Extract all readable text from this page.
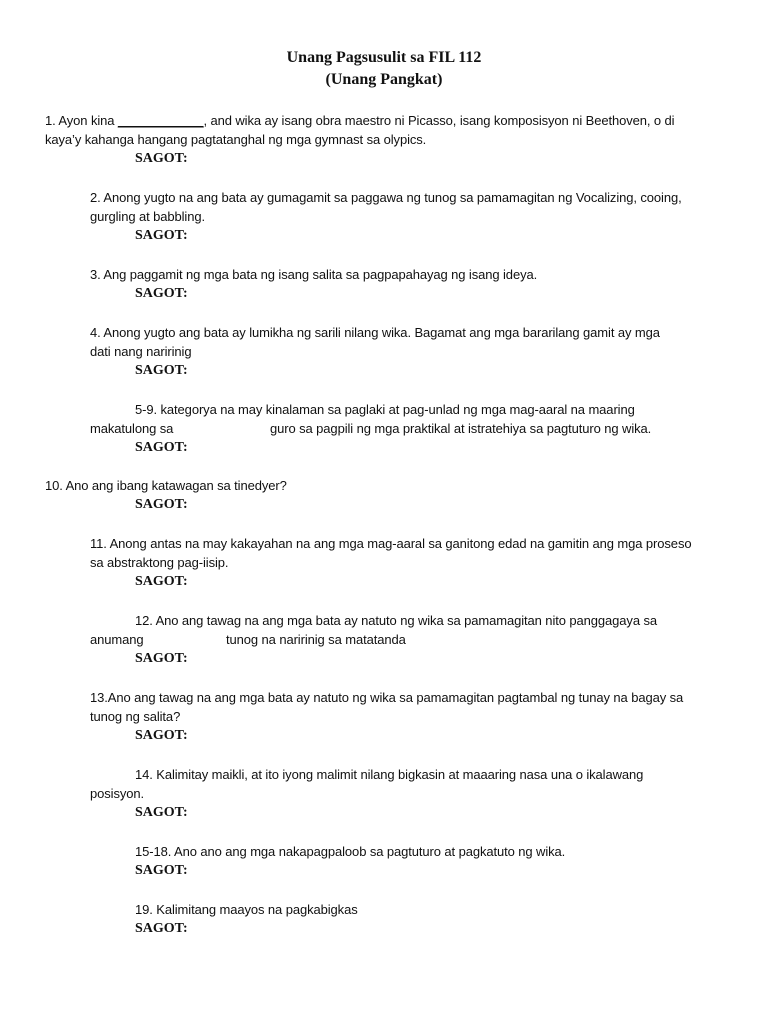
Unang Pagsusulit sa FIL 112
(Unang Pangkat)
1. Ayon kina ____________, and wika ay isang obra maestro ni Picasso, isang komposisyon ni Beethoven, o di
kaya’y kahanga hangang pagtatanghal ng mga gymnast sa olypics.
SAGOT:
2. Anong yugto na ang bata ay gumagamit sa paggawa ng tunog sa pamamagitan ng Vocalizing, cooing,
gurgling at babbling.
SAGOT:
3. Ang paggamit ng mga bata ng isang salita sa pagpapahayag ng isang ideya.
SAGOT:
4. Anong yugto ang bata ay lumikha ng sarili nilang wika. Bagamat ang mga bararilang gamit ay mga
dati nang naririnig
SAGOT:
5-9. kategorya na may kinalaman sa paglaki at pag-unlad ng mga mag-aaral na maaring
makatulong sa	guro sa pagpili ng mga praktikal at istratehiya sa pagtuturo ng wika.
SAGOT:
10. Ano ang ibang katawagan sa tinedyer?
SAGOT:
11. Anong antas na may kakayahan na ang mga mag-aaral sa ganitong edad na gamitin ang mga proseso
sa abstraktong pag-iisip.
SAGOT:
12. Ano ang tawag na ang mga bata ay natuto ng wika sa pamamagitan nito panggagaya sa
anumang	tunog na naririnig sa matatanda
SAGOT:
13.Ano ang tawag na ang mga bata ay natuto ng wika sa pamamagitan pagtambal ng tunay na bagay sa
tunog ng salita?
SAGOT:
14. Kalimitay maikli, at ito iyong malimit nilang bigkasin at maaaring nasa una o ikalawang
posisyon.
SAGOT:
15-18. Ano ano ang mga nakapagpaloob sa pagtuturo at pagkatuto ng wika.
SAGOT:
19. Kalimitang maayos na pagkabigkas
SAGOT:
